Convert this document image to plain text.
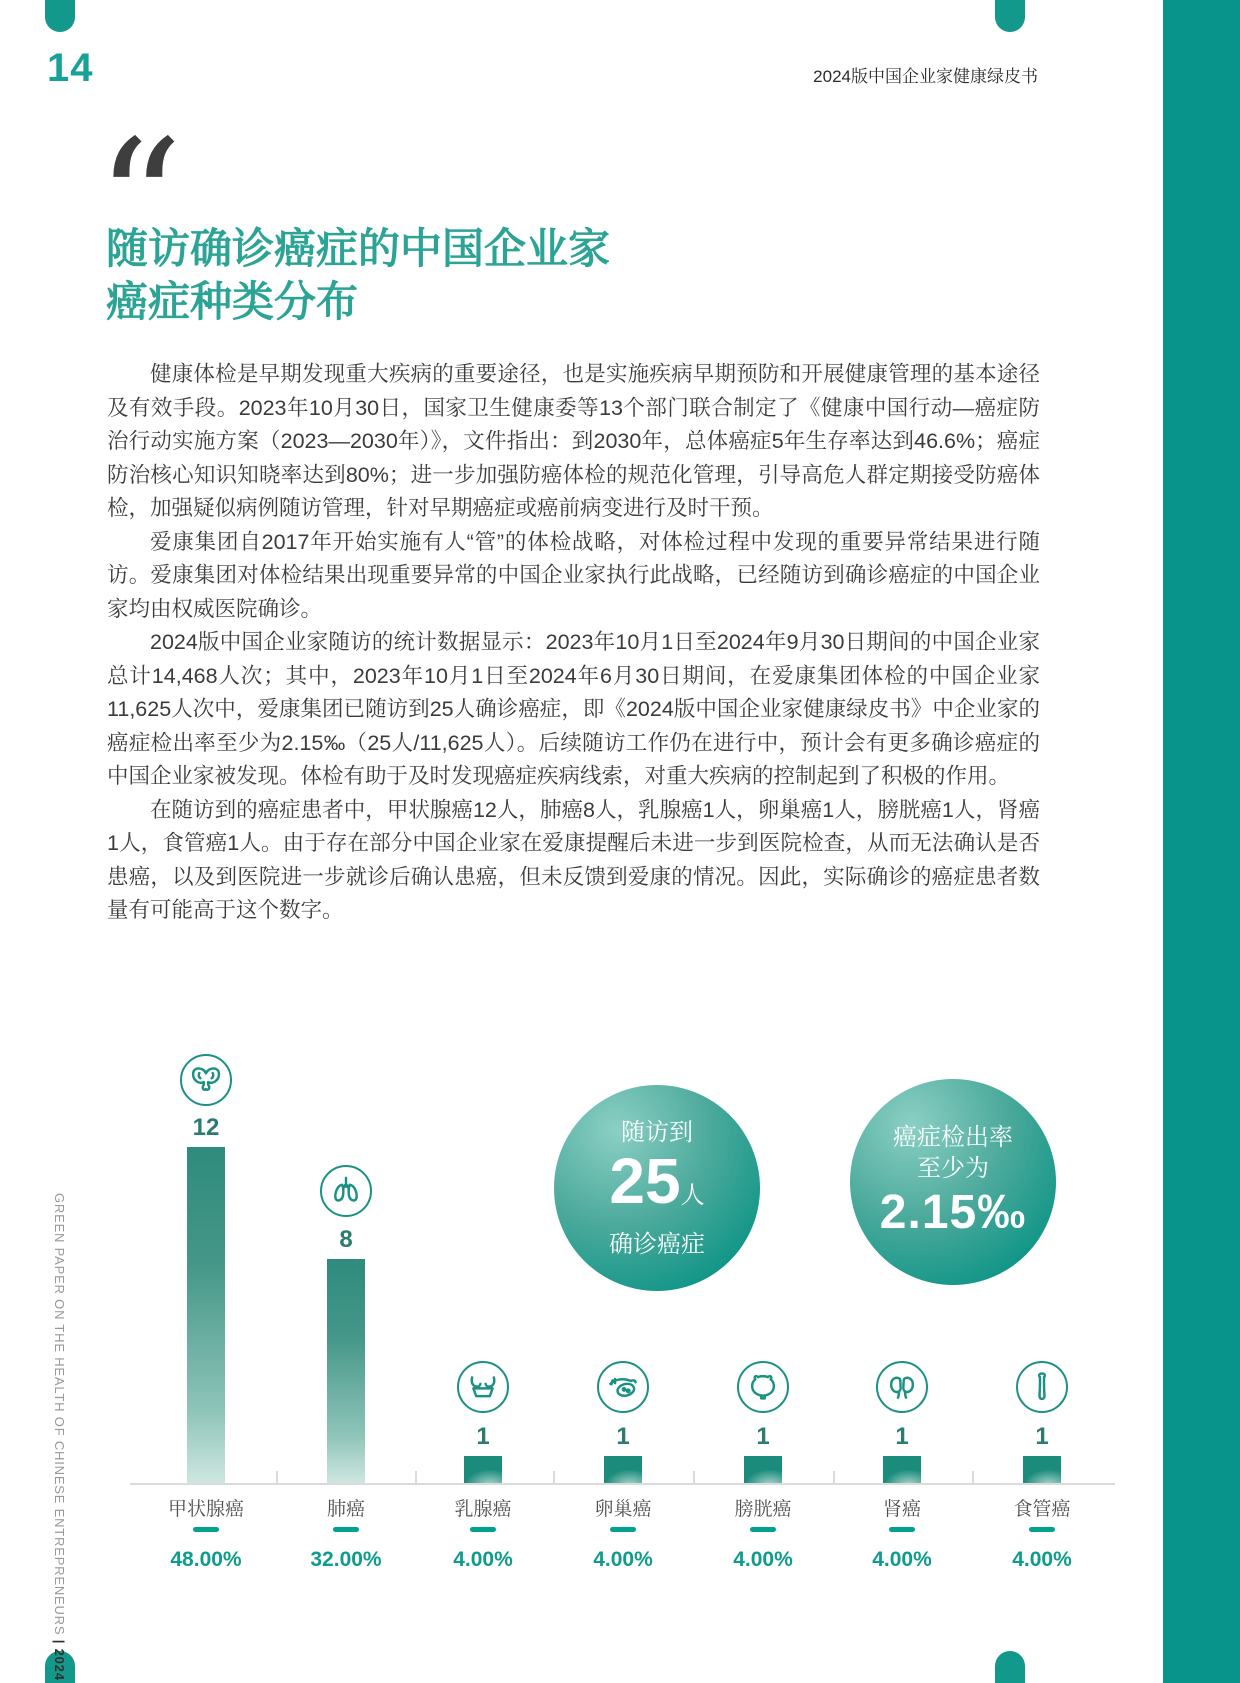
14	2024版中国企业家健康绿皮书
“
随访确诊癌症的中国企业家
癌症种类分布

健康体检是早期发现重大疾病的重要途径，也是实施疾病早期预防和开展健康管理的基本途径及有效手段。2023年10月30日，国家卫生健康委等13个部门联合制定了《健康中国行动—癌症防治行动实施方案（2023—2030年）》，文件指出：到2030年，总体癌症5年生存率达到46.6%；癌症防治核心知识知晓率达到80%；进一步加强防癌体检的规范化管理，引导高危人群定期接受防癌体检，加强疑似病例随访管理，针对早期癌症或癌前病变进行及时干预。

爱康集团自2017年开始实施有人“管”的体检战略，对体检过程中发现的重要异常结果进行随访。爱康集团对体检结果出现重要异常的中国企业家执行此战略，已经随访到确诊癌症的中国企业家均由权威医院确诊。

2024版中国企业家随访的统计数据显示：2023年10月1日至2024年9月30日期间的中国企业家总计14,468人次；其中，2023年10月1日至2024年6月30日期间，在爱康集团体检的中国企业家11,625人次中，爱康集团已随访到25人确诊癌症，即《2024版中国企业家健康绿皮书》中企业家的癌症检出率至少为2.15‰（25人/11,625人）。后续随访工作仍在进行中，预计会有更多确诊癌症的中国企业家被发现。体检有助于及时发现癌症疾病线索，对重大疾病的控制起到了积极的作用。

在随访到的癌症患者中，甲状腺癌12人，肺癌8人，乳腺癌1人，卵巢癌1人，膀胱癌1人，肾癌1人，食管癌1人。由于存在部分中国企业家在爱康提醒后未进一步到医院检查，从而无法确认是否患癌，以及到医院进一步就诊后确认患癌，但未反馈到爱康的情况。因此，实际确诊的癌症患者数量有可能高于这个数字。

GREEN PAPER ON THE HEALTH OF CHINESE ENTREPRENEURS | 2024
随访到
25人
确诊癌症
癌症检出率
至少为
2.15‰
12
甲状腺癌
48.00%
8
肺癌
32.00%
1
乳腺癌
4.00%
1
卵巢癌
4.00%
1
膀胱癌
4.00%
1
肾癌
4.00%
1
食管癌
4.00%
